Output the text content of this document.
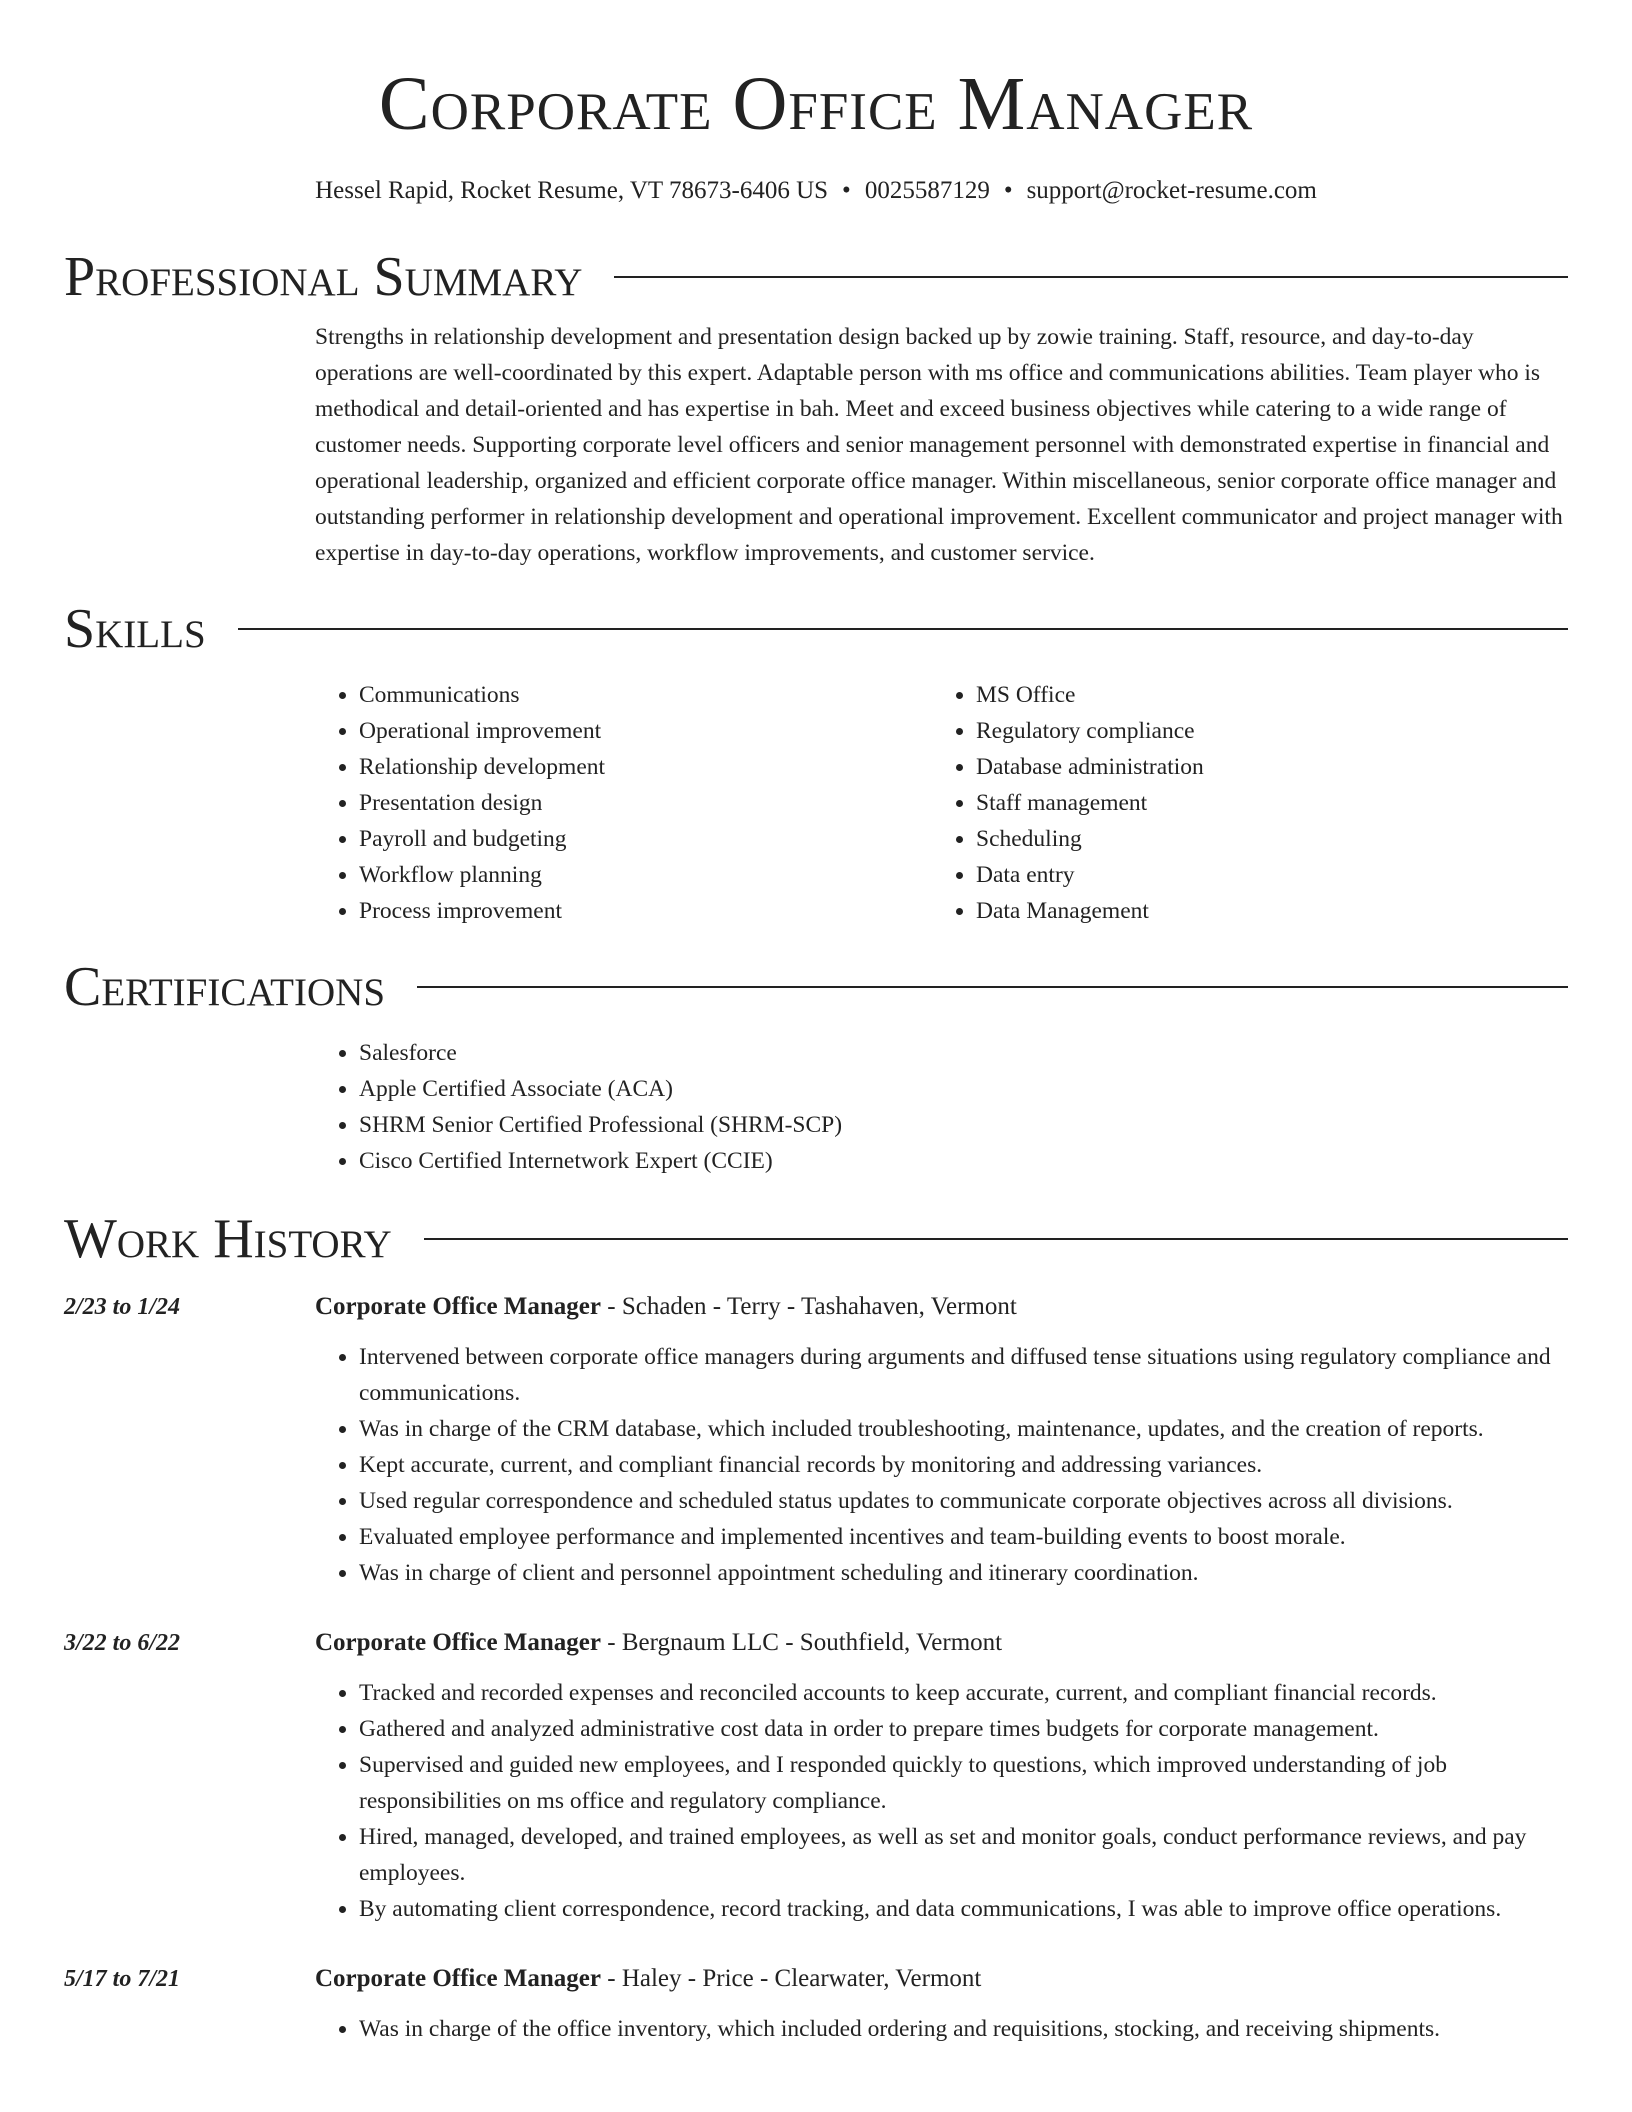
Corporate Office Manager
Hessel Rapid, Rocket Resume, VT 78673-6406 US • 0025587129 • support@rocket-resume.com
Professional Summary

Strengths in relationship development and presentation design backed up by zowie training. Staff, resource, and day-to-day operations are well-coordinated by this expert. Adaptable person with ms office and communications abilities. Team player who is methodical and detail-oriented and has expertise in bah. Meet and exceed business objectives while catering to a wide range of customer needs. Supporting corporate level officers and senior management personnel with demonstrated expertise in financial and operational leadership, organized and efficient corporate office manager. Within miscellaneous, senior corporate office manager and outstanding performer in relationship development and operational improvement. Excellent communicator and project manager with expertise in day-to-day operations, workflow improvements, and customer service.

Skills
• Communications
• Operational improvement
• Relationship development
• Presentation design
• Payroll and budgeting
• Workflow planning
• Process improvement
• MS Office
• Regulatory compliance
• Database administration
• Staff management
• Scheduling
• Data entry
• Data Management
Certifications
• Salesforce
• Apple Certified Associate (ACA)
• SHRM Senior Certified Professional (SHRM-SCP)
• Cisco Certified Internetwork Expert (CCIE)
Work History
2/23 to 1/24	Corporate Office Manager - Schaden - Terry - Tashahaven, Vermont
• Intervened between corporate office managers during arguments and diffused tense situations using regulatory compliance and communications.
• Was in charge of the CRM database, which included troubleshooting, maintenance, updates, and the creation of reports.
• Kept accurate, current, and compliant financial records by monitoring and addressing variances.
• Used regular correspondence and scheduled status updates to communicate corporate objectives across all divisions.
• Evaluated employee performance and implemented incentives and team-building events to boost morale.
• Was in charge of client and personnel appointment scheduling and itinerary coordination.
3/22 to 6/22	Corporate Office Manager - Bergnaum LLC - Southfield, Vermont
• Tracked and recorded expenses and reconciled accounts to keep accurate, current, and compliant financial records.
• Gathered and analyzed administrative cost data in order to prepare times budgets for corporate management.
• Supervised and guided new employees, and I responded quickly to questions, which improved understanding of job responsibilities on ms office and regulatory compliance.
• Hired, managed, developed, and trained employees, as well as set and monitor goals, conduct performance reviews, and pay employees.
• By automating client correspondence, record tracking, and data communications, I was able to improve office operations.
5/17 to 7/21	Corporate Office Manager - Haley - Price - Clearwater, Vermont
• Was in charge of the office inventory, which included ordering and requisitions, stocking, and receiving shipments.
